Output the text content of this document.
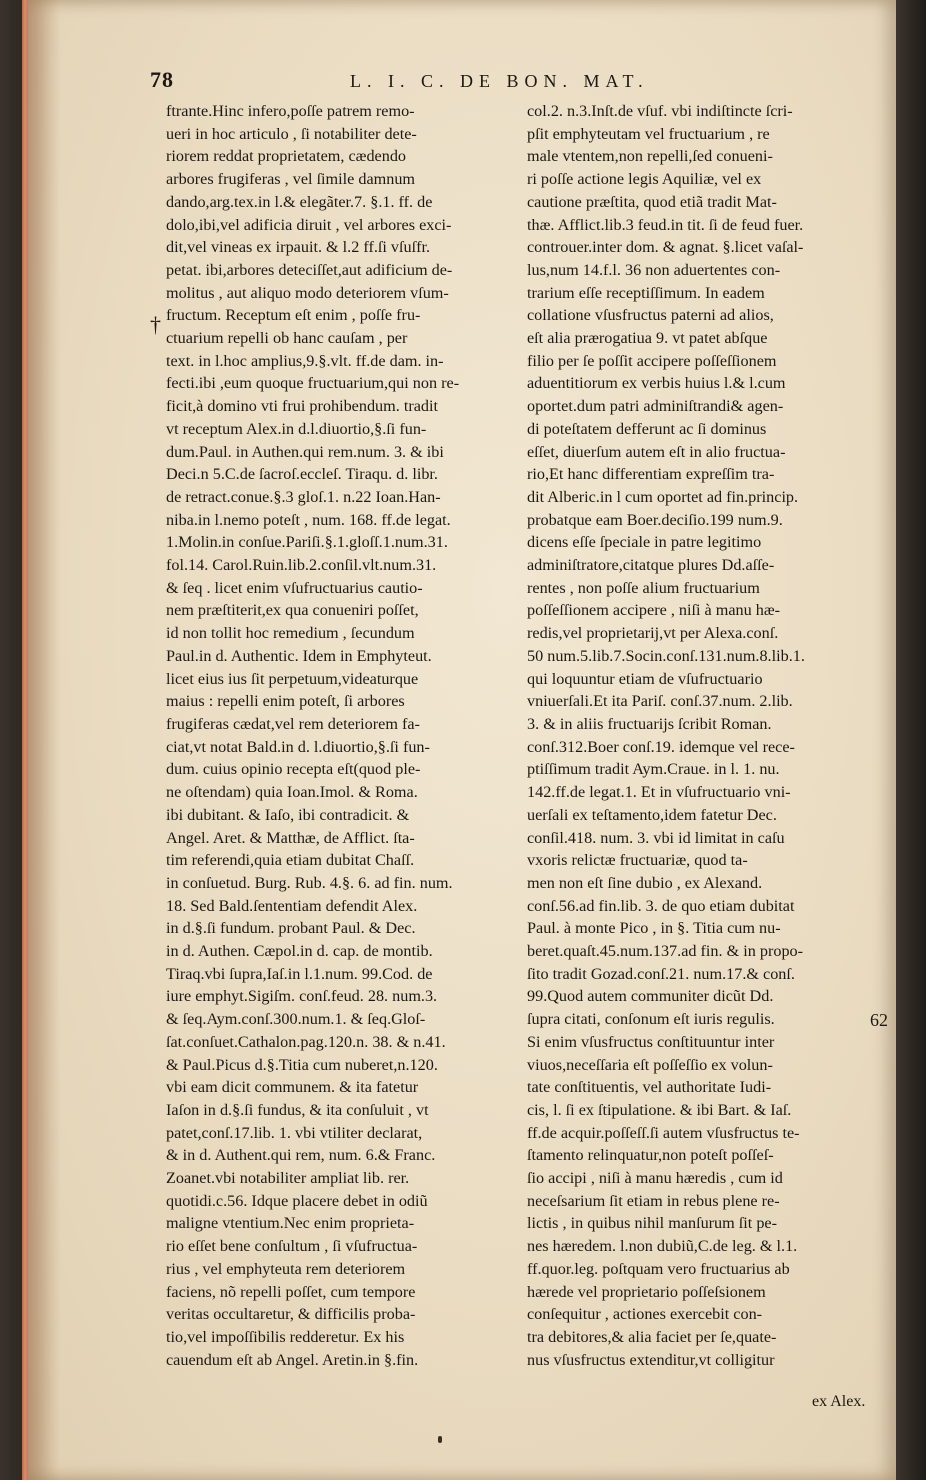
78	L. I. C. DE BON. MAT.
†

ftrante.Hinc infero,poſſe patrem remo-

ueri in hoc articulo , ſi notabiliter dete-

riorem reddat proprietatem, cædendo

arbores frugiferas , vel ſimile damnum

dando,arg.tex.in l.& elegãter.7. §.1. ff. de

dolo,ibi,vel adificia diruit , vel arbores exci-

dit,vel vineas ex irpauit. & l.2 ff.ſi vſuſfr.

petat. ibi,arbores deteciſſet,aut adificium de-

molitus , aut aliquo modo deteriorem vſum-

fructum. Receptum eſt enim , poſſe fru-

ctuarium repelli ob hanc cauſam , per

text. in l.hoc amplius,9.§.vlt. ff.de dam. in-

fecti.ibi ,eum quoque fructuarium,qui non re-

ficit,à domino vti frui prohibendum. tradit

vt receptum Alex.in d.l.diuortio,§.ſi fun-

dum.Paul. in Authen.qui rem.num. 3. & ibi

Deci.n 5.C.de ſacroſ.eccleſ. Tiraqu. d. libr.

de retract.conue.§.3 gloſ.1. n.22 Ioan.Han-

niba.in l.nemo poteſt , num. 168. ff.de legat.

1.Molin.in conſue.Pariſi.§.1.gloſſ.1.num.31.

fol.14. Carol.Ruin.lib.2.conſil.vlt.num.31.

& ſeq . licet enim vſufructuarius cautio-

nem præſtiterit,ex qua conueniri poſſet,

id non tollit hoc remedium , ſecundum

Paul.in d. Authentic. Idem in Emphyteut.

licet eius ius ſit perpetuum,videaturque

maius : repelli enim poteſt, ſi arbores

frugiferas cædat,vel rem deteriorem fa-

ciat,vt notat Bald.in d. l.diuortio,§.ſi fun-

dum. cuius opinio recepta eſt(quod ple-

ne oſtendam) quia Ioan.Imol. & Roma.

ibi dubitant. & Iaſo, ibi contradicit. &

Angel. Aret. & Matthæ, de Afflict. ſta-

tim referendi,quia etiam dubitat Chaſſ.

in conſuetud. Burg. Rub. 4.§. 6. ad fin. num.

18. Sed Bald.ſententiam defendit Alex.

in d.§.ſi fundum. probant Paul. & Dec.

in d. Authen. Cæpol.in d. cap. de montib.

Tiraq.vbi ſupra,Iaſ.in l.1.num. 99.Cod. de

iure emphyt.Sigiſm. conſ.feud. 28. num.3.

& ſeq.Aym.conſ.300.num.1. & ſeq.Gloſ-

ſat.conſuet.Cathalon.pag.120.n. 38. & n.41.

& Paul.Picus d.§.Titia cum nuberet,n.120.

vbi eam dicit communem. & ita fatetur

Iaſon in d.§.ſi fundus, & ita conſuluit , vt

patet,conſ.17.lib. 1. vbi vtiliter declarat,

& in d. Authent.qui rem, num. 6.& Franc.

Zoanet.vbi notabiliter ampliat lib. rer.

quotidi.c.56. Idque placere debet in odiũ

maligne vtentium.Nec enim proprieta-

rio eſſet bene conſultum , ſi vſufructua-

rius , vel emphyteuta rem deteriorem

faciens, nõ repelli poſſet, cum tempore

veritas occultaretur, & difficilis proba-

tio,vel impoſſibilis redderetur. Ex his

cauendum eſt ab Angel. Aretin.in §.fin.

col.2. n.3.Inſt.de vſuf. vbi indiſtincte ſcri-

pſit emphyteutam vel fructuarium , re

male vtentem,non repelli,ſed conueni-

ri poſſe actione legis Aquiliæ, vel ex

cautione præſtita, quod etiã tradit Mat-

thæ. Afflict.lib.3 feud.in tit. ſi de feud fuer.

controuer.inter dom. & agnat. §.licet vaſal-

lus,num 14.f.l. 36 non aduertentes con-

trarium eſſe receptiſſimum. In eadem

collatione vſusfructus paterni ad alios,

eſt alia prærogatiua 9. vt patet abſque

filio per ſe poſſit accipere poſſeſſionem

aduentitiorum ex verbis huius l.& l.cum

oportet.dum patri adminiſtrandi& agen-

di poteſtatem defferunt ac ſi dominus

eſſet, diuerſum autem eſt in alio fructua-

rio,Et hanc differentiam expreſſim tra-

dit Alberic.in l cum oportet ad fin.princip.

probatque eam Boer.deciſio.199 num.9.

dicens eſſe ſpeciale in patre legitimo

adminiſtratore,citatque plures Dd.aſſe-

rentes , non poſſe alium fructuarium

poſſeſſionem accipere , niſi à manu hæ-

redis,vel proprietarij,vt per Alexa.conſ.

50 num.5.lib.7.Socin.conſ.131.num.8.lib.1.

qui loquuntur etiam de vſufructuario

vniuerſali.Et ita Pariſ. conſ.37.num. 2.lib.

3. & in aliis fructuarijs ſcribit Roman.

conſ.312.Boer conſ.19. idemque vel rece-

ptiſſimum tradit Aym.Craue. in l. 1. nu.

142.ff.de legat.1. Et in vſufructuario vni-

uerſali ex teſtamento,idem fatetur Dec.

conſil.418. num. 3. vbi id limitat in caſu

vxoris relictæ fructuariæ, quod ta-

men non eſt ſine dubio , ex Alexand.

conſ.56.ad fin.lib. 3. de quo etiam dubitat

Paul. à monte Pico , in §. Titia cum nu-

beret.quaſt.45.num.137.ad fin. & in propo-

ſito tradit Gozad.conſ.21. num.17.& conſ.

99.Quod autem communiter dicũt Dd.

ſupra citati, conſonum eſt iuris regulis.

Si enim vſusfructus conſtituuntur inter

viuos,neceſſaria eſt poſſeſſio ex volun-

tate conſtituentis, vel authoritate Iudi-

cis, l. ſi ex ſtipulatione. & ibi Bart. & Iaſ.

ff.de acquir.poſſeſſ.ſi autem vſusfructus te-

ſtamento relinquatur,non poteſt poſſeſ-

ſio accipi , niſi à manu hæredis , cum id

neceſsarium ſit etiam in rebus plene re-

lictis , in quibus nihil manſurum ſit pe-

nes hæredem. l.non dubiũ,C.de leg. & l.1.

ff.quor.leg. poſtquam vero fructuarius ab

hærede vel proprietario poſſeſsionem

conſequitur , actiones exercebit con-

tra debitores,& alia faciet per ſe,quate-

nus vſusfructus extenditur,vt colligitur

62
ex Alex.
